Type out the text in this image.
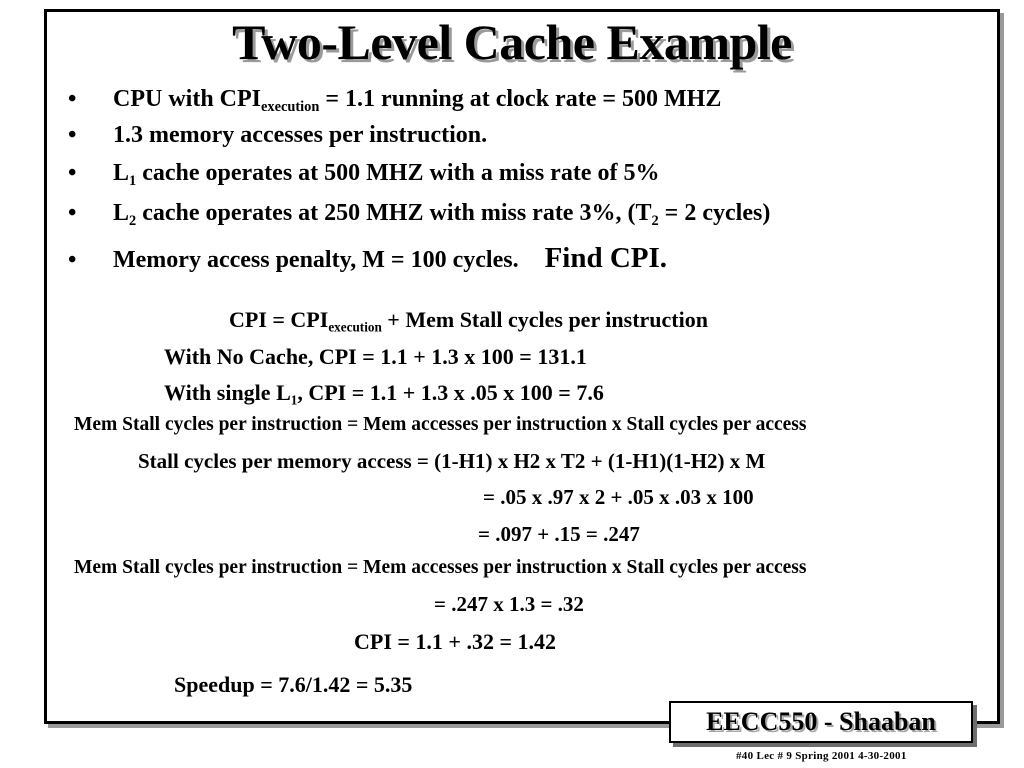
Two-Level Cache Example
• CPU with $CPI_{execution} = 1.1$ running at clock rate = 500 MHZ
• 1.3 memory accesses per instruction.
• $L_1$ cache operates at 500 MHZ with a miss rate of 5%
• $L_2$ cache operates at 250 MHZ with miss rate 3%, ($T_2 = 2$ cycles)
• Memory access penalty, M = 100 cycles. Find CPI.
CPI = $CPI_{execution}$ + Mem Stall cycles per instruction
With No Cache, CPI = 1.1 + 1.3 x 100 = 131.1
With single $L_1$, CPI = 1.1 + 1.3 x .05 x 100 = 7.6
Mem Stall cycles per instruction = Mem accesses per instruction x Stall cycles per access
Stall cycles per memory access = (1-H1) x H2 x T2 + (1-H1)(1-H2) x M
= .05 x .97 x 2 + .05 x .03 x 100
= .097 + .15 = .247
Mem Stall cycles per instruction = Mem accesses per instruction x Stall cycles per access
= .247 x 1.3 = .32
CPI = 1.1 + .32 = 1.42
Speedup = 7.6/1.42 = 5.35
EECC550 - Shaaban
#40 Lec # 9 Spring 2001 4-30-2001
